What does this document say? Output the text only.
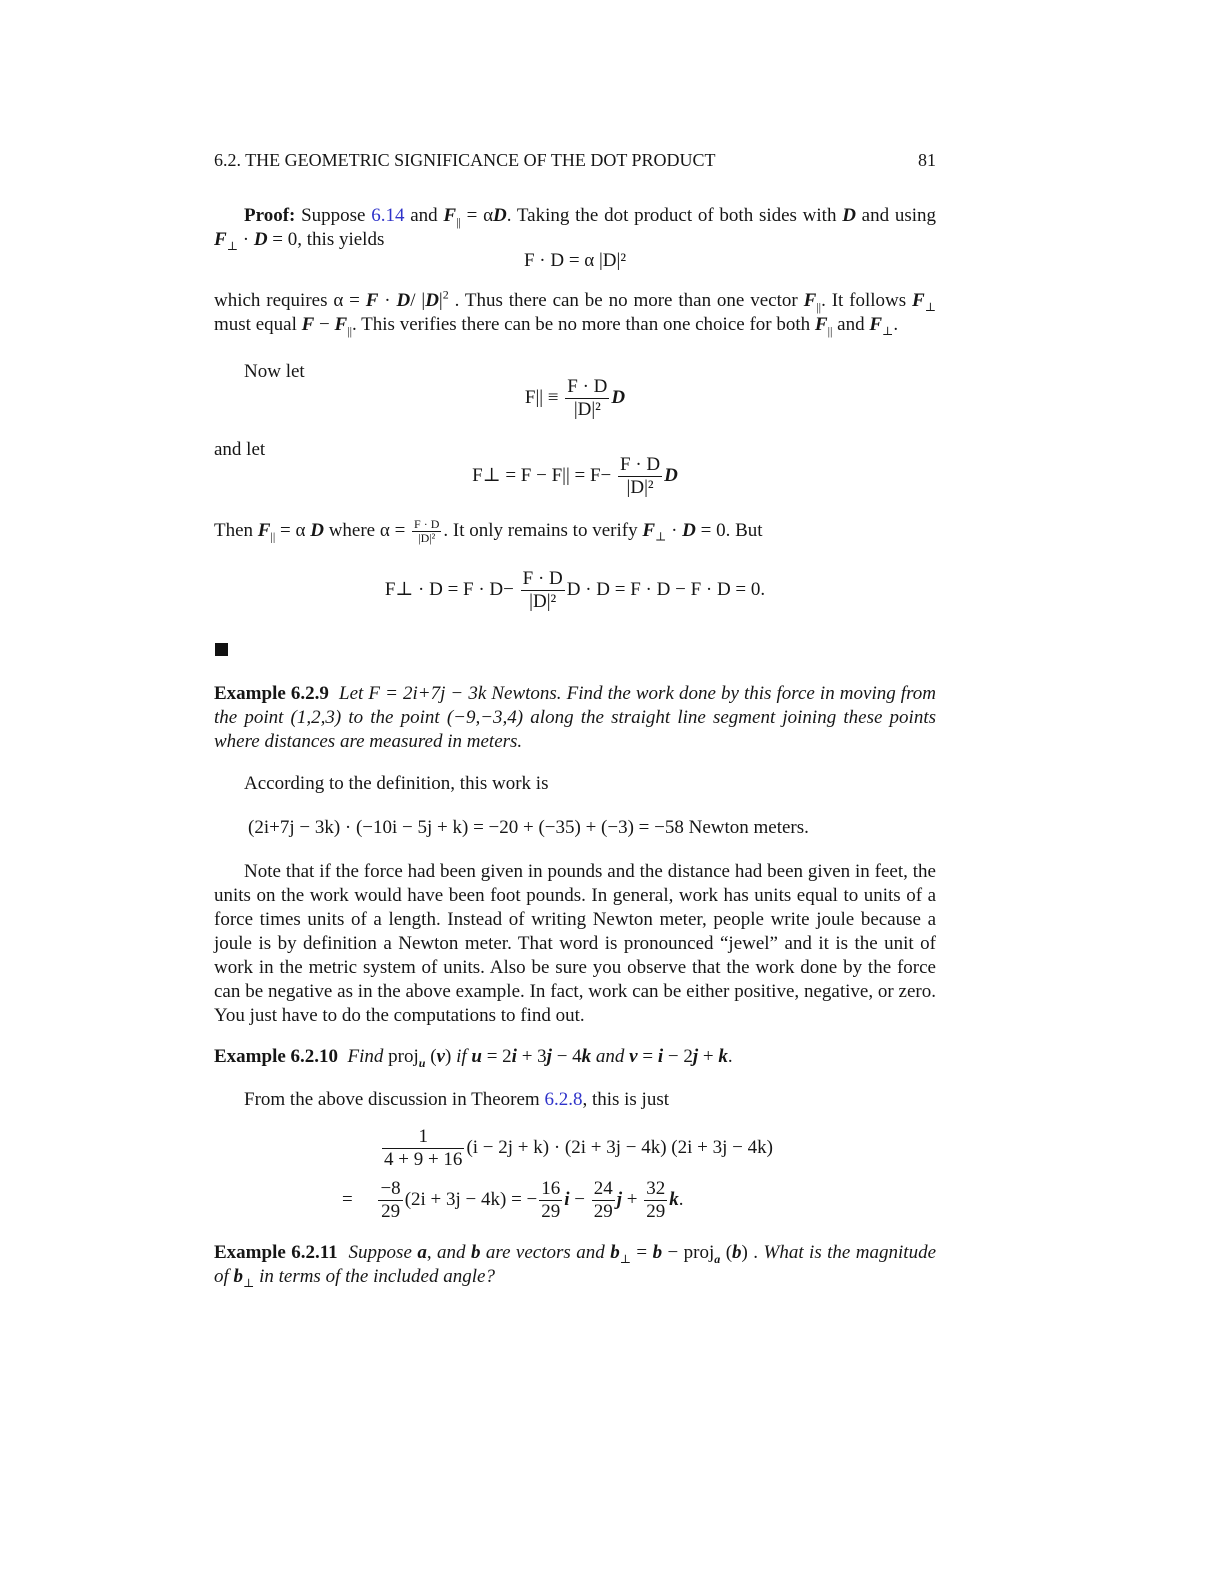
6.2. THE GEOMETRIC SIGNIFICANCE OF THE DOT PRODUCT	81
Proof: Suppose 6.14 and $F_{||} = \alpha D$. Taking the dot product of both sides with D and using $F_\perp \cdot D = 0$, this yields
F · D = α |D|²
which requires α = F · D/ $|D|^2$ . Thus there can be no more than one vector $F_{||}$. It follows $F_\perp$ must equal $F - F_{||}$. This verifies there can be no more than one choice for both $F_{||}$ and $F_\perp$.
Now let
$F|| \equiv \frac{F \cdot D}{\text{|D|²}}$ D
and let
F⊥ = $F - F|| = F- \frac{F \cdot D}{\text{|D|²}}$ D
Then $F_{||} = \alpha$ D where $\alpha = \frac{F \cdot D}{\text{|D|²}}$ . It only remains to verify $F_\perp \cdot D = 0$. But
F⊥ · $D = F \cdot D- \frac{F \cdot D}{\text{|D|²}}$ D · D = F · D − F · D = 0.
Example 6.2.9 Let F = 2i+7j − 3k Newtons. Find the work done by this force in moving from the point (1,2,3) to the point (−9,−3,4) along the straight line segment joining these points where distances are measured in meters.
According to the definition, this work is
(2i+7j − 3k) · (−10i − 5j + k) = −20 + (−35) + (−3) = −58 Newton meters.
Note that if the force had been given in pounds and the distance had been given in feet, the units on the work would have been foot pounds. In general, work has units equal to units of a force times units of a length. Instead of writing Newton meter, people write joule because a joule is by definition a Newton meter. That word is pronounced “jewel” and it is the unit of work in the metric system of units. Also be sure you observe that the work done by the force can be negative as in the above example. In fact, work can be either positive, negative, or zero. You just have to do the computations to find out.
Example 6.2.10 Find proj$_u$ (v) if u = 2i + 3j − 4k and v = i − 2j + k.
From the above discussion in Theorem 6.2.8, this is just
$\frac{1}{4 + 9 + 16} (i - 2j + k) \cdot (2i + 3j - 4k) (2i + 3j - 4k)$
= $\frac{-8}{29} (2i + 3j - 4k)$ = − $\frac{16}{29}$ $i - \frac{24}{29}$ $j + \frac{32}{29} k$.
Example 6.2.11 Suppose a, and b are vectors and $b_\perp = b$ − proj$_a$ (b) . What is the magnitude of $b_\perp$ in terms of the included angle?
